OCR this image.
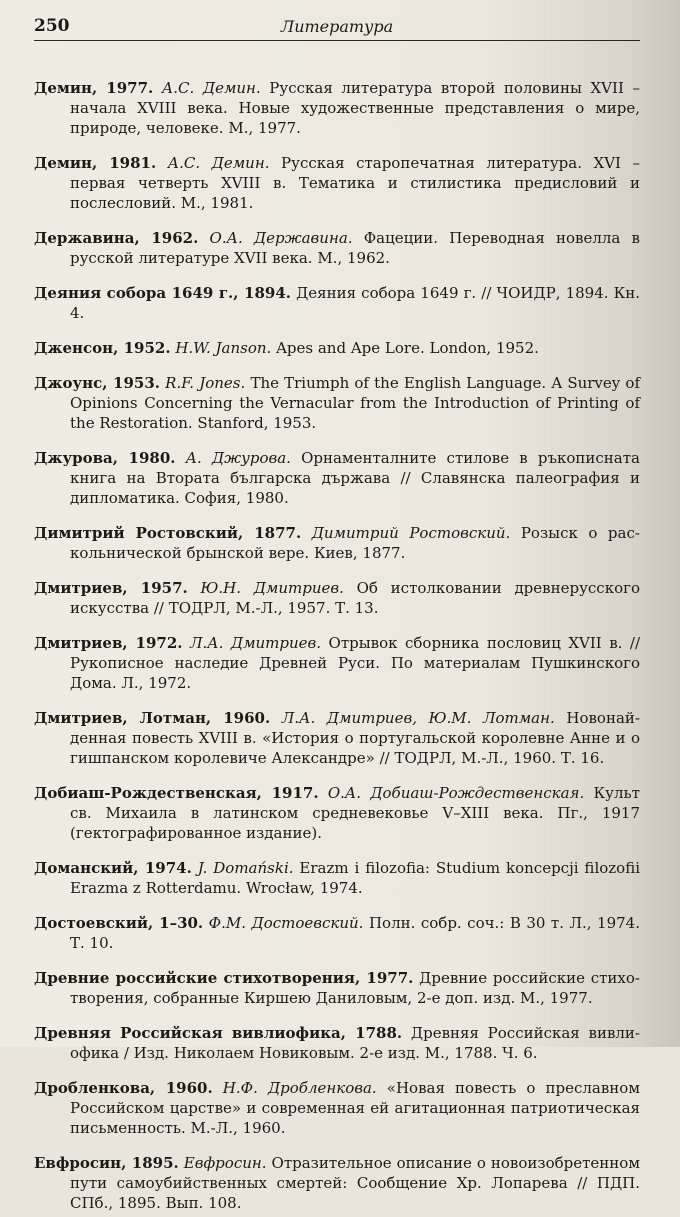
250	Литература

Демин, 1977. А.С. Демин. Русская литература второй половины XVII – начала XVIII века. Новые художественные представления о мире, природе, человеке. М., 1977.

Демин, 1981. А.С. Демин. Русская старопечатная литература. XVI – первая четверть XVIII в. Тематика и стилистика предисловий и послесловий. М., 1981.

Державина, 1962. О.А. Державина. Фацеции. Переводная новелла в русской литературе XVII века. М., 1962.

Деяния собора 1649 г., 1894. Деяния собора 1649 г. // ЧОИДР, 1894. Кн. 4.

Дженсон, 1952. H.W. Janson. Apes and Ape Lore. London, 1952.

Джоунс, 1953. R.F. Jones. The Triumph of the English Language. A Survey of Opinions Concerning the Vernacular from the Introduction of Printing of the Restoration. Stanford, 1953.

Джурова, 1980. А. Джурова. Орнаменталните стилове в ръкописната книга на Втората българска държава // Славянска палеография и дипломатика. София, 1980.

Димитрий Ростовский, 1877. Димитрий Ростовский. Розыск о раскольнической брынской вере. Киев, 1877.

Дмитриев, 1957. Ю.Н. Дмитриев. Об истолковании древнерусского искусства // ТОДРЛ, М.-Л., 1957. Т. 13.

Дмитриев, 1972. Л.А. Дмитриев. Отрывок сборника пословиц XVII в. // Рукописное наследие Древней Руси. По материалам Пушкинского Дома. Л., 1972.

Дмитриев, Лотман, 1960. Л.А. Дмитриев, Ю.М. Лотман. Новонайденная повесть XVIII в. «История о португальской королевне Анне и о гишпанском королевиче Александре» // ТОДРЛ, М.-Л., 1960. Т. 16.

Добиаш-Рождественская, 1917. О.А. Добиаш-Рождественская. Культ св. Михаила в латинском средневековье V–XIII века. Пг., 1917 (гектографированное издание).

Доманский, 1974. J. Domański. Erazm i filozofia: Studium koncepcji filozofii Erazma z Rotterdamu. Wrocław, 1974.

Достоевский, 1–30. Ф.М. Достоевский. Полн. собр. соч.: В 30 т. Л., 1974. Т. 10.

Древние российские стихотворения, 1977. Древние российские стихотворения, собранные Киршею Даниловым, 2-е доп. изд. М., 1977.

Древняя Российская вивлиофика, 1788. Древняя Российская вивлиофика / Изд. Николаем Новиковым. 2-е изд. М., 1788. Ч. 6.

Дробленкова, 1960. Н.Ф. Дробленкова. «Новая повесть о преславном Российском царстве» и современная ей агитационная патриотическая письменность. М.-Л., 1960.

Евфросин, 1895. Евфросин. Отразительное описание о новоизобретенном пути самоубийственных смертей: Сообщение Хр. Лопарева // ПДП. СПб., 1895. Вып. 108.
